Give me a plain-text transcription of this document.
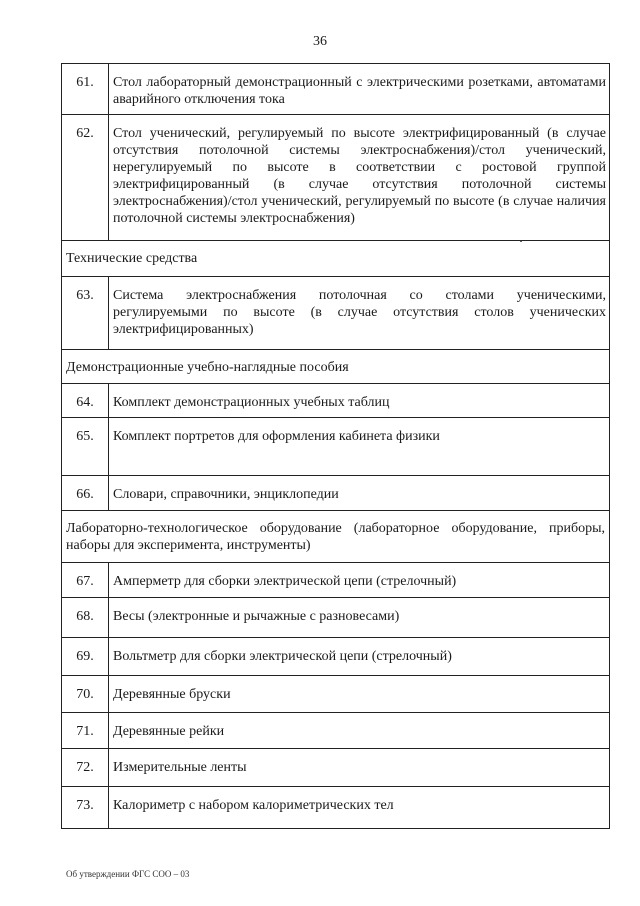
36
61.	Стол лабораторный демонстрационный с электрическими розетками, автоматами аварийного отключения тока
62.	Стол ученический, регулируемый по высоте электрифицированный (в случае отсутствия потолочной системы электроснабжения)/стол ученический, нерегулируемый по высоте в соответствии с ростовой группой электрифицированный (в случае отсутствия потолочной системы электроснабжения)/стол ученический, регулируемый по высоте (в случае наличия потолочной системы электроснабжения)
Технические средства	
63.	Система электроснабжения потолочная со столами ученическими, регулируемыми по высоте (в случае отсутствия столов ученических электрифицированных)
Демонстрационные учебно-наглядные пособия	
64.	Комплект демонстрационных учебных таблиц
65.	Комплект портретов для оформления кабинета физики
66.	Словари, справочники, энциклопедии
Лабораторно-технологическое оборудование (лабораторное оборудование, приборы, наборы для эксперимента, инструменты)	
67.	Амперметр для сборки электрической цепи (стрелочный)
68.	Весы (электронные и рычажные с разновесами)
69.	Вольтметр для сборки электрической цепи (стрелочный)
70.	Деревянные бруски
71.	Деревянные рейки
72.	Измерительные ленты
73.	Калориметр с набором калориметрических тел
Об утверждении ФГС СОО – 03
